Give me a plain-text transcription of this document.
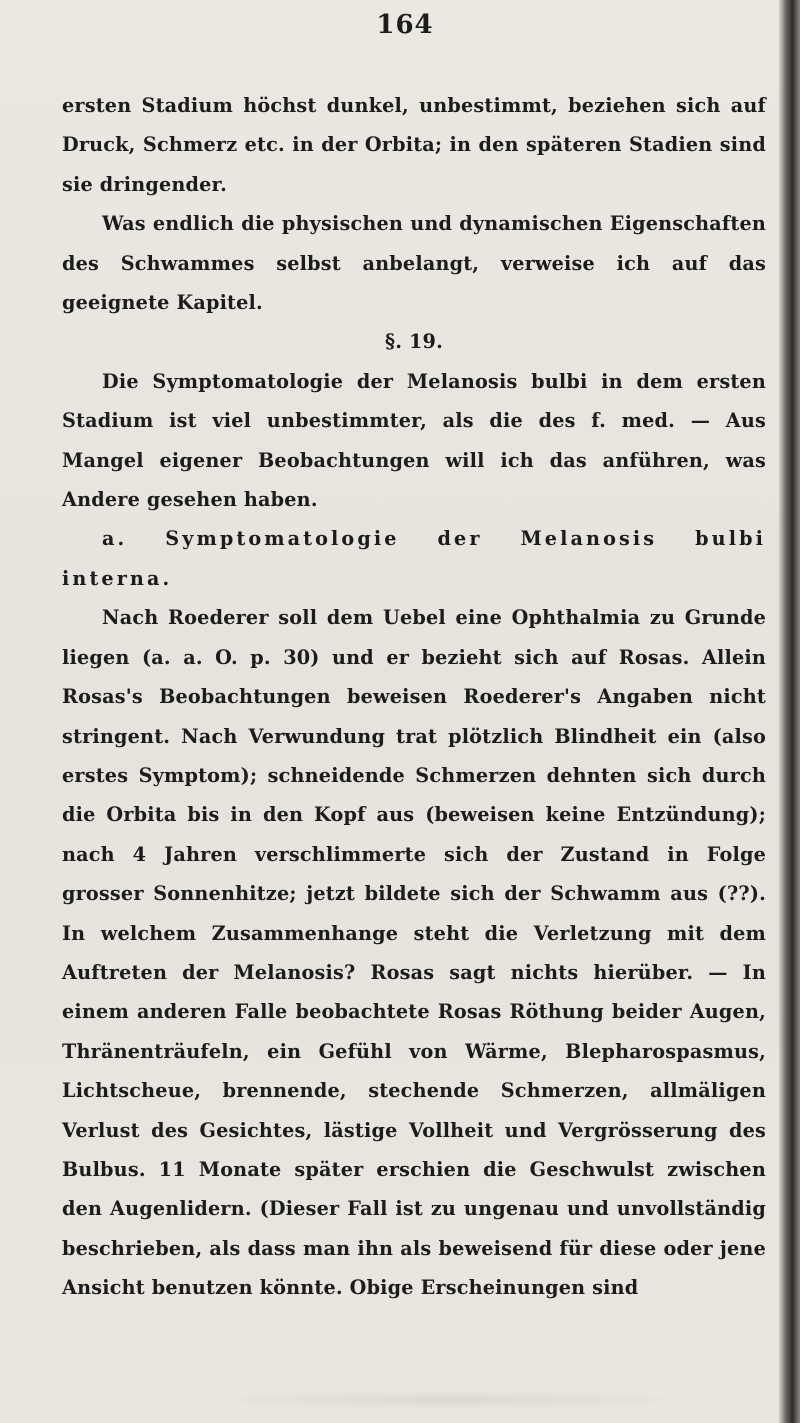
164

ersten Stadium höchst dunkel, unbestimmt, beziehen sich auf Druck, Schmerz etc. in der Orbita; in den späteren Stadien sind sie dringender.

Was endlich die physischen und dynamischen Eigenschaften des Schwammes selbst anbelangt, verweise ich auf das geeignete Kapitel.

§. 19.

Die Symptomatologie der Melanosis bulbi in dem ersten Stadium ist viel unbestimmter, als die des f. med. — Aus Mangel eigener Beobachtungen will ich das anführen, was Andere gesehen haben.

a. Symptomatologie der Melanosis bulbi interna.

Nach Roederer soll dem Uebel eine Ophthalmia zu Grunde liegen (a. a. O. p. 30) und er bezieht sich auf Rosas. Allein Rosas's Beobachtungen beweisen Roederer's Angaben nicht stringent. Nach Verwundung trat plötzlich Blindheit ein (also erstes Symptom); schneidende Schmerzen dehnten sich durch die Orbita bis in den Kopf aus (beweisen keine Entzündung); nach 4 Jahren verschlimmerte sich der Zustand in Folge grosser Sonnenhitze; jetzt bildete sich der Schwamm aus (??). In welchem Zusammenhange steht die Verletzung mit dem Auftreten der Melanosis? Rosas sagt nichts hierüber. — In einem anderen Falle beobachtete Rosas Röthung beider Augen, Thränenträufeln, ein Gefühl von Wärme, Blepharospasmus, Lichtscheue, brennende, stechende Schmerzen, allmäligen Verlust des Gesichtes, lästige Vollheit und Vergrösserung des Bulbus. 11 Monate später erschien die Geschwulst zwischen den Augenlidern. (Dieser Fall ist zu ungenau und unvollständig beschrieben, als dass man ihn als beweisend für diese oder jene Ansicht benutzen könnte. Obige Erscheinungen sind
